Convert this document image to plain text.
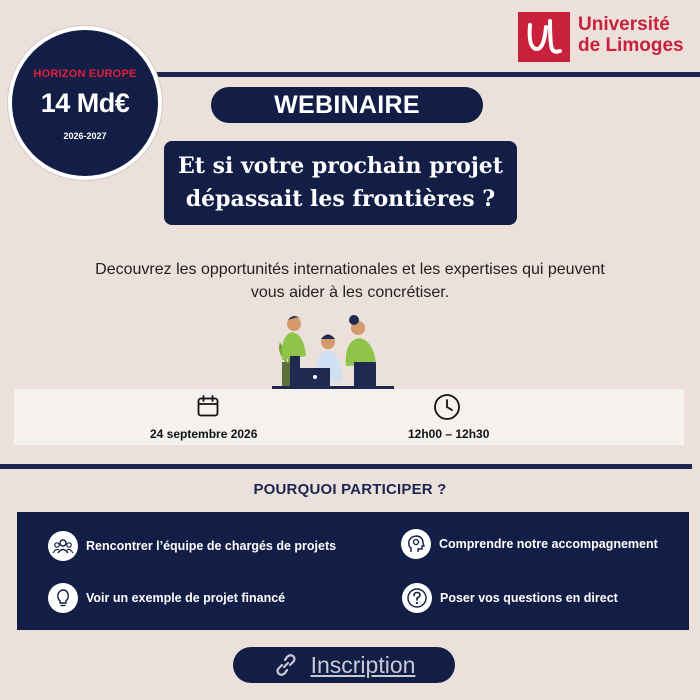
HORIZON EUROPE
14 Md€
2026-2027
Université
de Limoges
WEBINAIRE
Et si votre prochain projet
dépassait les frontières ?
Decouvrez les opportunités internationales et les expertises qui peuvent
vous aider à les concrétiser.
24 septembre 2026	12h00 – 12h30
POURQUOI PARTICIPER ?
Rencontrer l’équipe de chargés de projets	Comprendre notre accompagnement
Voir un exemple de projet financé	Poser vos questions en direct
Inscription
